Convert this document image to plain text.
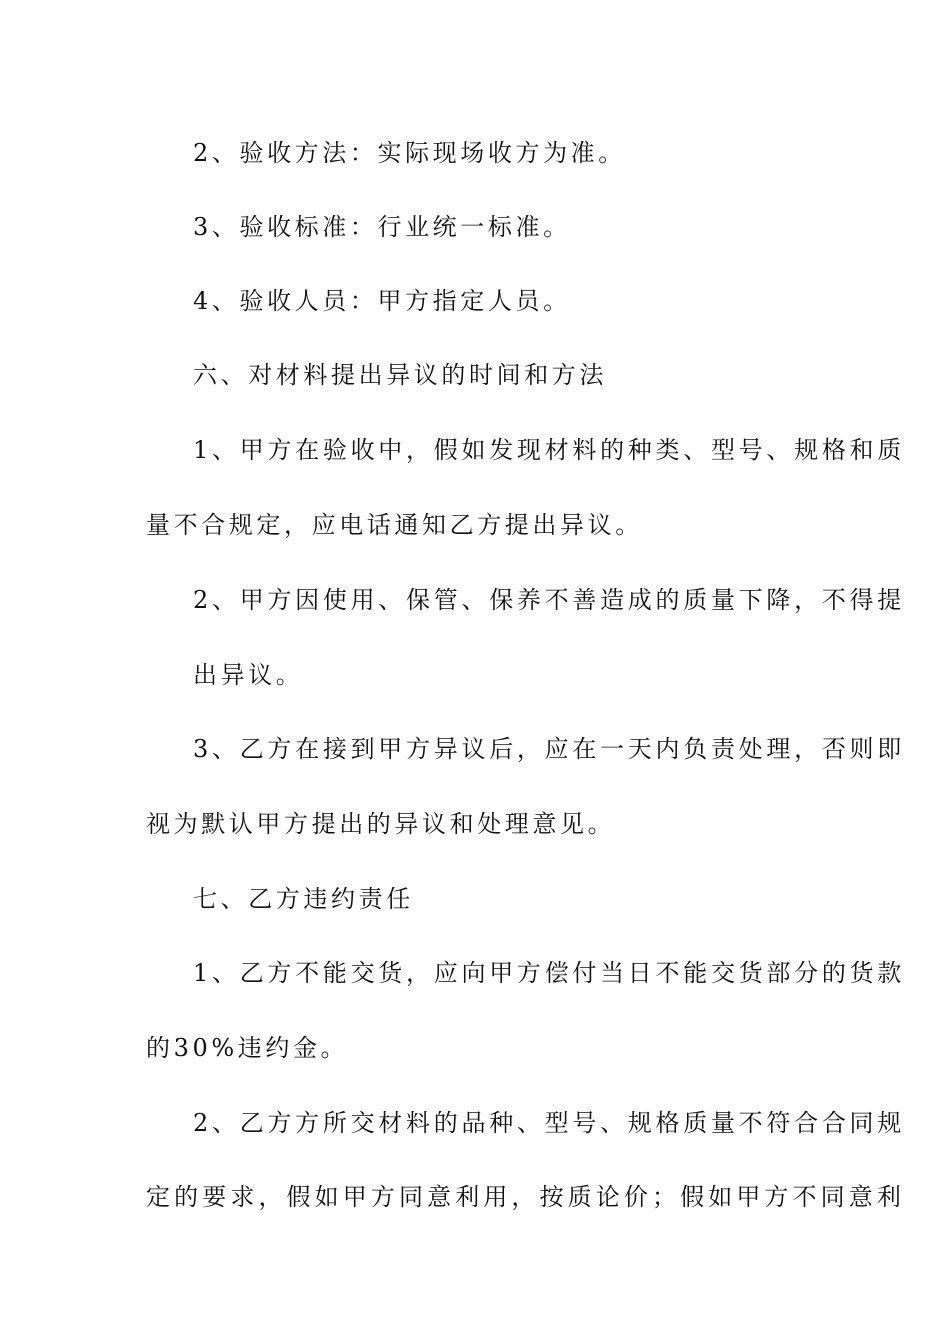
2、验收方法：实际现场收方为准。
3、验收标准：行业统一标准。
4、验收人员：甲方指定人员。
六、对材料提出异议的时间和方法
1、甲方在验收中，假如发现材料的种类、型号、规格和质
量不合规定，应电话通知乙方提出异议。
2、甲方因使用、保管、保养不善造成的质量下降，不得提
出异议。
3、乙方在接到甲方异议后，应在一天内负责处理，否则即
视为默认甲方提出的异议和处理意见。
七、乙方违约责任
1、乙方不能交货，应向甲方偿付当日不能交货部分的货款
的30%违约金。
2、乙方方所交材料的品种、型号、规格质量不符合合同规
定的要求，假如甲方同意利用，按质论价；假如甲方不同意利
